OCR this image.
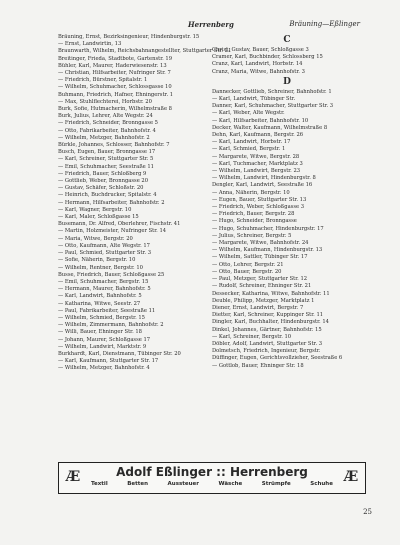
Herrenberg	Bräuning—Eßlinger
Bräuning, Ernst, Bezirksingenieur, Hindenburgstr. 15
— Ernst, Landwirtin, 13
Braunwarth, Wilhelm, Reichsbahnangestellter, Stuttgarter Str. 21
Breitinger, Frieda, Stadtbote, Gartenstr. 19
Bühler, Karl, Maurer, Haderwiesenstr. 13
— Christian, Hilfsarbeiter, Nufringer Str. 7
— Friedrich, Bürstner, Spitalstr. 1
— Wilhelm, Schuhmacher, Schlossgasse 10
Buhmann, Friedrich, Hafner, Ehningerstr. 1
— Max, Stuhlflechterei, Horbstr. 20
Burk, Sofie, Hutmacherin, Wilhelmstraße 8
Burk, Julius, Lehrer, Alte Wegstr. 24
— Friedrich, Schneider, Bronngasse 5
— Otto, Fabrikarbeiter, Bahnhofstr. 4
— Wilhelm, Metzger, Bahnhofstr. 2
Bürkle, Johannes, Schlosser, Bahnhofstr. 7
Busch, Eugen, Bauer, Bronngasse 17
— Karl, Schreiner, Stuttgarter Str. 5
— Emil, Schuhmacher, Seestraße 11
— Friedrich, Bauer, Schloßberg 9
— Gottlieb, Weber, Bronngasse 20
— Gustav, Schäfer, Schloßstr. 20
— Heinrich, Buchdrucker, Spitalstr. 4
— Hermann, Hilfsarbeiter, Bahnhofstr. 2
— Karl, Wagner, Bergstr. 10
— Karl, Maler, Schloßgasse 15
Busemann, Dr. Alfred, Oberlehrer, Fischstr. 41
— Martin, Holzmeister, Nufringer Str. 14
— Maria, Witwe, Bergstr. 20
— Otto, Kaufmann, Alte Wegstr. 17
— Paul, Schmied, Stuttgarter Str. 3
— Sofie, Näherin, Bergstr. 10
— Wilhelm, Rentner, Bergstr. 10
Busse, Friedrich, Bauer, Schloßgasse 25
— Emil, Schuhmacher, Bergstr. 15
— Hermann, Maurer, Bahnhofstr. 5
— Karl, Landwirt, Bahnhofstr. 5
— Katharina, Witwe, Seestr. 27
— Paul, Fabrikarbeiter, Seestraße 11
— Wilhelm, Schmied, Bergstr. 15
— Wilhelm, Zimmermann, Bahnhofstr. 2
— Willi, Bauer, Ehninger Str. 18
— Johann, Maurer, Schloßgasse 17
— Wilhelm, Landwirt, Marktstr. 9
Burkhardt, Karl, Dienstmann, Tübinger Str. 20
— Karl, Kaufmann, Stuttgarter Str. 17
— Wilhelm, Metzger, Bahnhofstr. 4
C
Christ, Gustav, Bauer, Schloßgasse 3
Cramer, Karl, Buchbinder, Schlossberg 15
Cranz, Karl, Landwirt, Horbstr. 14
Cranz, Maria, Witwe, Bahnhofstr. 3
D
Dannecker, Gottlieb, Schreiner, Bahnhofstr. 1
— Karl, Landwirt, Tübinger Str.
Danner, Karl, Schuhmacher, Stuttgarter Str. 3
— Karl, Weber, Alte Wegstr.
— Karl, Hilfsarbeiter, Bahnhofstr. 10
Decker, Walter, Kaufmann, Wilhelmstraße 8
Dehn, Karl, Kaufmann, Bergstr. 26
— Karl, Landwirt, Horbstr. 17
— Karl, Schmied, Bergstr. 1
— Margarete, Witwe, Bergstr. 28
— Karl, Tuchmacher, Marktplatz 3
— Wilhelm, Landwirt, Bergstr. 23
— Wilhelm, Landwirt, Hindenburgstr. 8
Dengler, Karl, Landwirt, Seestraße 16
— Anna, Näherin, Bergstr. 10
— Eugen, Bauer, Stuttgarter Str. 13
— Friedrich, Weber, Schloßgasse 3
— Friedrich, Bauer, Bergstr. 28
— Hugo, Schneider, Bronngasse
— Hugo, Schuhmacher, Hindenburgstr. 17
— Julius, Schreiner, Bergstr. 5
— Margarete, Witwe, Bahnhofstr. 24
— Wilhelm, Kaufmann, Hindenburgstr. 13
— Wilhelm, Sattler, Tübinger Str. 17
— Otto, Lehrer, Bergstr. 21
— Otto, Bauer, Bergstr. 20
— Paul, Metzger, Stuttgarter Str. 12
— Rudolf, Schreiner, Ehninger Str. 21
Dessecker, Katharina, Witwe, Bahnhofstr. 11
Deuble, Philipp, Metzger, Marktplatz 1
Diener, Ernst, Landwirt, Bergstr. 7
Dietter, Karl, Schreiner, Kuppinger Str. 11
Dingler, Karl, Buchhalter, Hindenburgstr. 14
Dinkel, Johannes, Gärtner, Bahnhofstr. 15
— Karl, Schreiner, Bergstr. 10
Döbler, Adolf, Landwirt, Stuttgarter Str. 3
Dolmetsch, Friedrich, Ingenieur, Bergstr.
Düffinger, Eugen, Gerichtsvollzieher, Seestraße 6
— Gottlob, Bauer, Ehninger Str. 18
Æ	Adolf Eßlinger :: Herrenberg
Textil	Betten	Aussteuer	Wäsche	Strümpfe	Schuhe Æ
25
